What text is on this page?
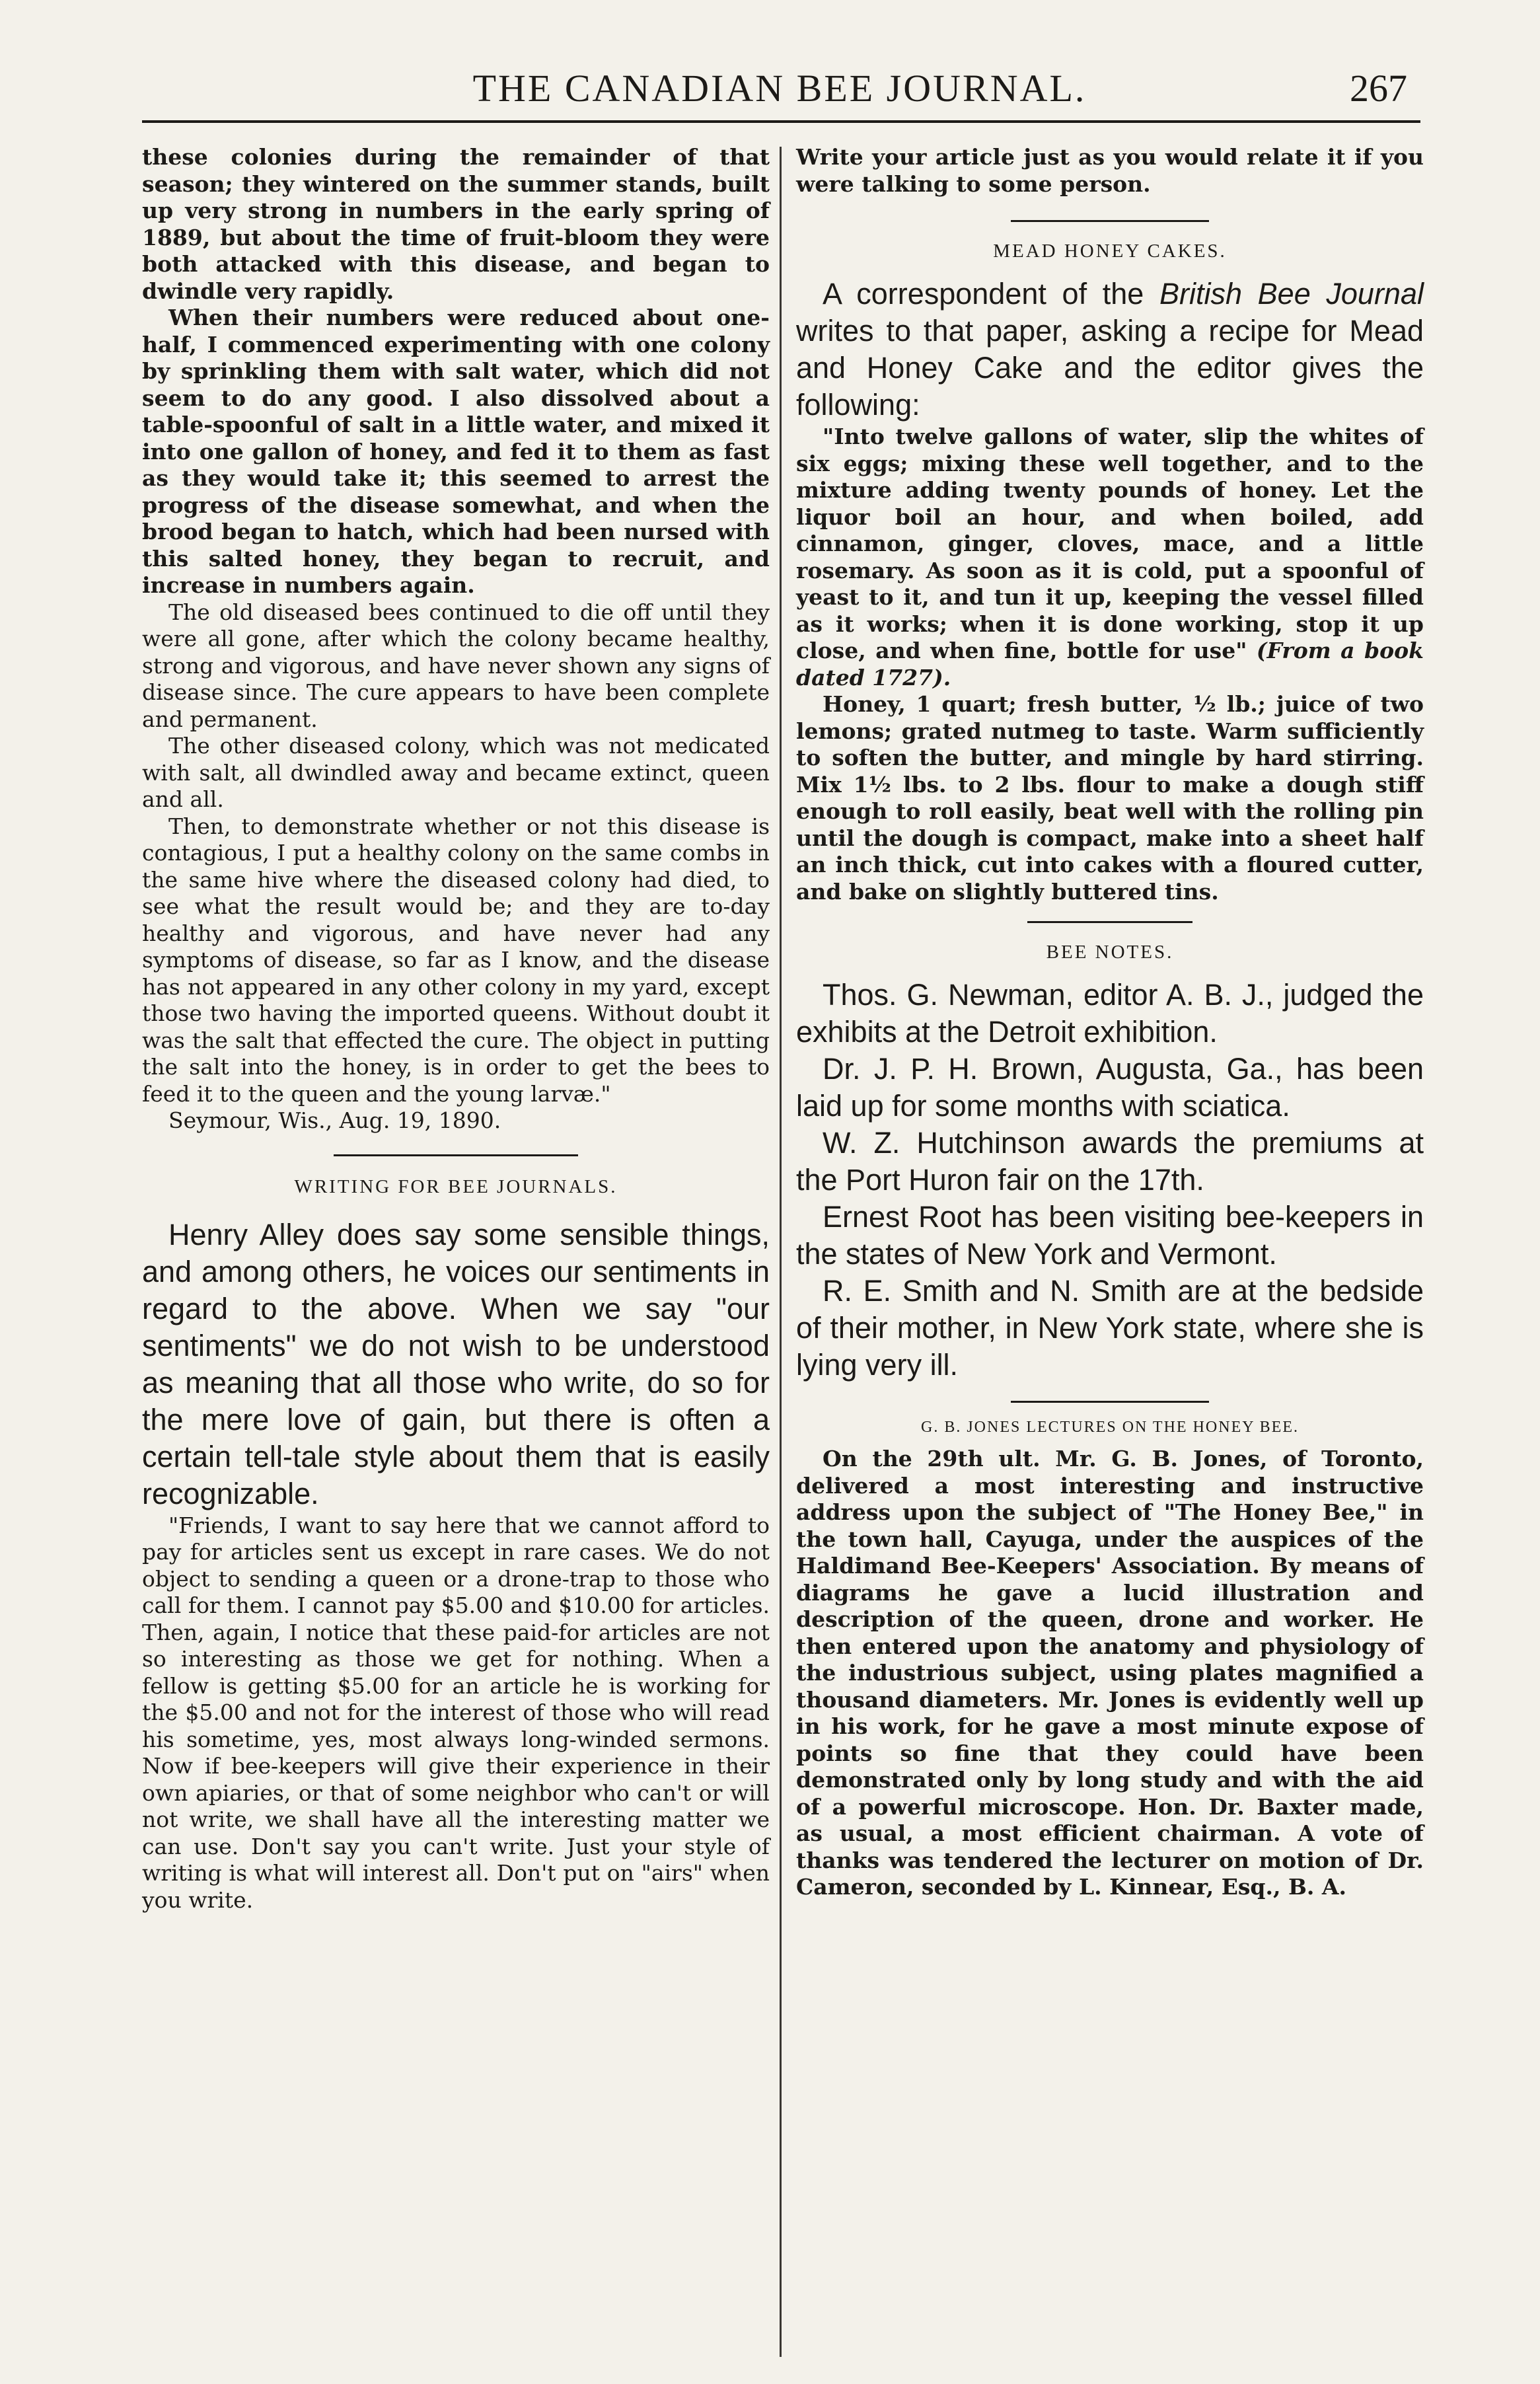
THE CANADIAN BEE JOURNAL.	267

these colonies during the remainder of that season; they wintered on the summer stands, built up very strong in numbers in the early spring of 1889, but about the time of fruit-bloom they were both attacked with this disease, and began to dwindle very rapidly.

When their numbers were reduced about one-half, I commenced experimenting with one colony by sprinkling them with salt water, which did not seem to do any good. I also dissolved about a table-spoonful of salt in a little water, and mixed it into one gallon of honey, and fed it to them as fast as they would take it; this seemed to arrest the progress of the disease somewhat, and when the brood began to hatch, which had been nursed with this salted honey, they began to recruit, and increase in numbers again.

The old diseased bees continued to die off until they were all gone, after which the colony became healthy, strong and vigorous, and have never shown any signs of disease since. The cure appears to have been complete and permanent.

The other diseased colony, which was not medicated with salt, all dwindled away and became extinct, queen and all.

Then, to demonstrate whether or not this disease is contagious, I put a healthy colony on the same combs in the same hive where the diseased colony had died, to see what the result would be; and they are to-day healthy and vigorous, and have never had any symptoms of disease, so far as I know, and the disease has not appeared in any other colony in my yard, except those two having the imported queens. Without doubt it was the salt that effected the cure. The object in putting the salt into the honey, is in order to get the bees to feed it to the queen and the young larvæ."

Seymour, Wis., Aug. 19, 1890.

WRITING FOR BEE JOURNALS.

Henry Alley does say some sensible things, and among others, he voices our sentiments in regard to the above. When we say "our sentiments" we do not wish to be understood as meaning that all those who write, do so for the mere love of gain, but there is often a certain tell-tale style about them that is easily recognizable.

"Friends, I want to say here that we cannot afford to pay for articles sent us except in rare cases. We do not object to sending a queen or a drone-trap to those who call for them. I cannot pay $5.00 and $10.00 for articles. Then, again, I notice that these paid-for articles are not so interesting as those we get for nothing. When a fellow is getting $5.00 for an article he is working for the $5.00 and not for the interest of those who will read his sometime, yes, most always long-winded sermons. Now if bee-keepers will give their experience in their own apiaries, or that of some neighbor who can't or will not write, we shall have all the interesting matter we can use. Don't say you can't write. Just your style of writing is what will interest all. Don't put on "airs" when you write.

Write your article just as you would relate it if you were talking to some person.

MEAD HONEY CAKES.

A correspondent of the British Bee Journal writes to that paper, asking a recipe for Mead and Honey Cake and the editor gives the following:

"Into twelve gallons of water, slip the whites of six eggs; mixing these well together, and to the mixture adding twenty pounds of honey. Let the liquor boil an hour, and when boiled, add cinnamon, ginger, cloves, mace, and a little rosemary. As soon as it is cold, put a spoonful of yeast to it, and tun it up, keeping the vessel filled as it works; when it is done working, stop it up close, and when fine, bottle for use" (From a book dated 1727).

Honey, 1 quart; fresh butter, ½ lb.; juice of two lemons; grated nutmeg to taste. Warm sufficiently to soften the butter, and mingle by hard stirring. Mix 1½ lbs. to 2 lbs. flour to make a dough stiff enough to roll easily, beat well with the rolling pin until the dough is compact, make into a sheet half an inch thick, cut into cakes with a floured cutter, and bake on slightly buttered tins.

BEE NOTES.

Thos. G. Newman, editor A. B. J., judged the exhibits at the Detroit exhibition.

Dr. J. P. H. Brown, Augusta, Ga., has been laid up for some months with sciatica.

W. Z. Hutchinson awards the premiums at the Port Huron fair on the 17th.

Ernest Root has been visiting bee-keepers in the states of New York and Vermont.

R. E. Smith and N. Smith are at the bedside of their mother, in New York state, where she is lying very ill.

G. B. JONES LECTURES ON THE HONEY BEE.

On the 29th ult. Mr. G. B. Jones, of Toronto, delivered a most interesting and instructive address upon the subject of "The Honey Bee," in the town hall, Cayuga, under the auspices of the Haldimand Bee-Keepers' Association. By means of diagrams he gave a lucid illustration and description of the queen, drone and worker. He then entered upon the anatomy and physiology of the industrious subject, using plates magnified a thousand diameters. Mr. Jones is evidently well up in his work, for he gave a most minute expose of points so fine that they could have been demonstrated only by long study and with the aid of a powerful microscope. Hon. Dr. Baxter made, as usual, a most efficient chairman. A vote of thanks was tendered the lecturer on motion of Dr. Cameron, seconded by L. Kinnear, Esq., B. A.
